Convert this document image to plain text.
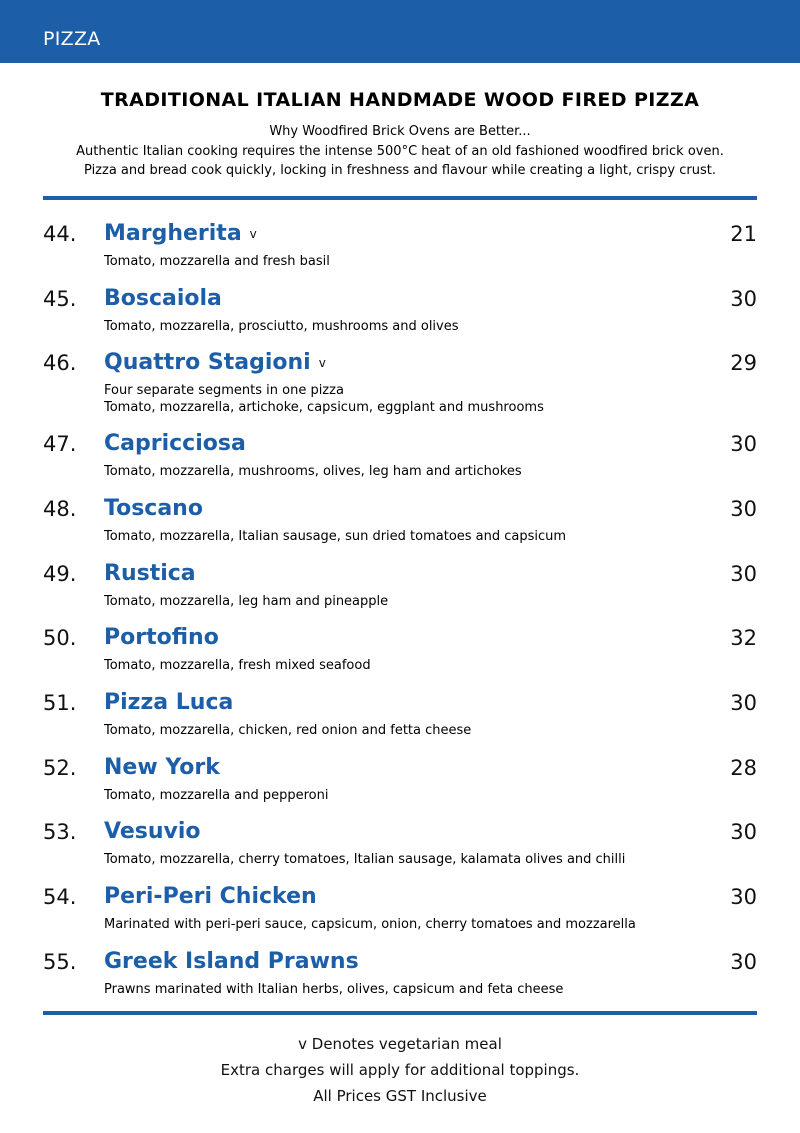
PIZZA
TRADITIONAL ITALIAN HANDMADE WOOD FIRED PIZZA
Why Woodfired Brick Ovens are Better...
Authentic Italian cooking requires the intense 500°C heat of an old fashioned woodfired brick oven.
Pizza and bread cook quickly, locking in freshness and flavour while creating a light, crispy crust.
44. Margherita v	21
Tomato, mozzarella and fresh basil
45. Boscaiola	30
Tomato, mozzarella, prosciutto, mushrooms and olives
46. Quattro Stagioni v	29
Four separate segments in one pizza
Tomato, mozzarella, artichoke, capsicum, eggplant and mushrooms
47. Capricciosa	30
Tomato, mozzarella, mushrooms, olives, leg ham and artichokes
48. Toscano	30
Tomato, mozzarella, Italian sausage, sun dried tomatoes and capsicum
49. Rustica	30
Tomato, mozzarella, leg ham and pineapple
50. Portofino	32
Tomato, mozzarella, fresh mixed seafood
51. Pizza Luca	30
Tomato, mozzarella, chicken, red onion and fetta cheese
52. New York	28
Tomato, mozzarella and pepperoni
53. Vesuvio	30
Tomato, mozzarella, cherry tomatoes, Italian sausage, kalamata olives and chilli
54. Peri-Peri Chicken	30
Marinated with peri-peri sauce, capsicum, onion, cherry tomatoes and mozzarella
55. Greek Island Prawns	30
Prawns marinated with Italian herbs, olives, capsicum and feta cheese
v Denotes vegetarian meal
Extra charges will apply for additional toppings.
All Prices GST Inclusive
